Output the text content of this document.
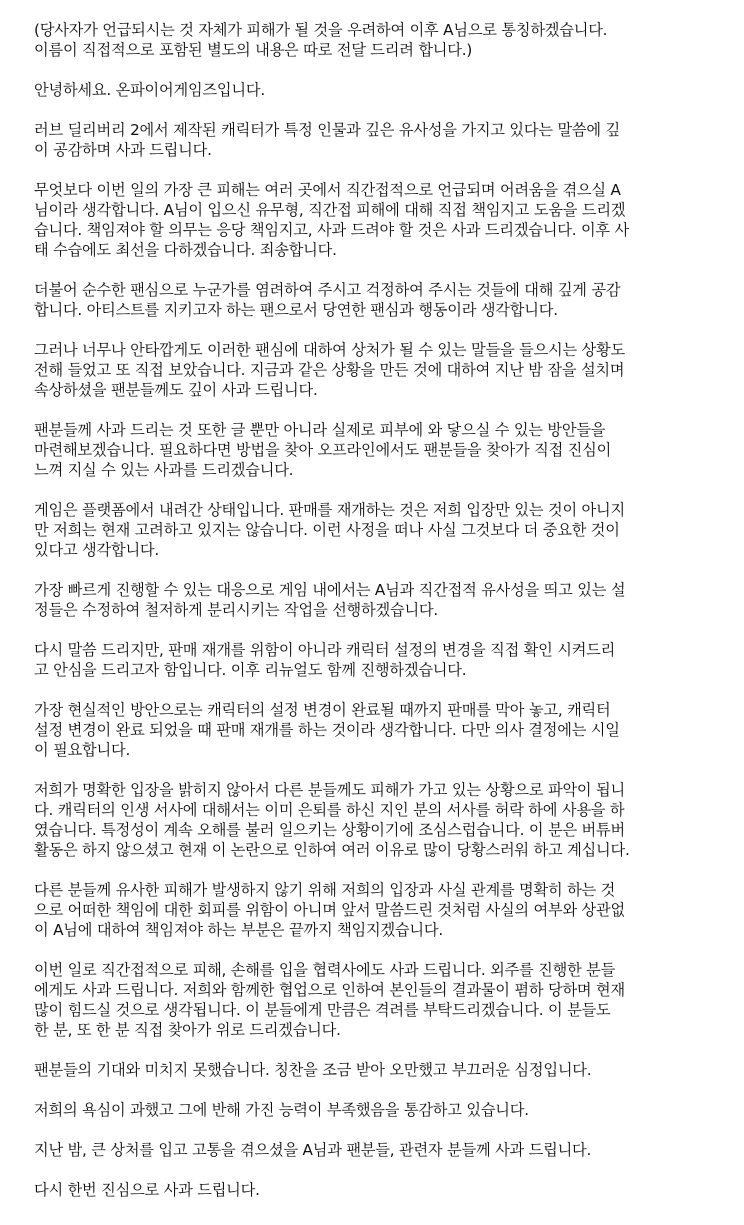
(당사자가 언급되시는 것 자체가 피해가 될 것을 우려하여 이후 A님으로 통칭하겠습니다.
이름이 직접적으로 포함된 별도의 내용은 따로 전달 드리려 합니다.)

안녕하세요. 온파이어게임즈입니다.

러브 딜리버리 2에서 제작된 캐릭터가 특정 인물과 깊은 유사성을 가지고 있다는 말씀에 깊
이 공감하며 사과 드립니다.

무엇보다 이번 일의 가장 큰 피해는 여러 곳에서 직간접적으로 언급되며 어려움을 겪으실 A
님이라 생각합니다. A님이 입으신 유무형, 직간접 피해에 대해 직접 책임지고 도움을 드리겠
습니다. 책임져야 할 의무는 응당 책임지고, 사과 드려야 할 것은 사과 드리겠습니다. 이후 사
태 수습에도 최선을 다하겠습니다. 죄송합니다.

더불어 순수한 팬심으로 누군가를 염려하여 주시고 걱정하여 주시는 것들에 대해 깊게 공감
합니다. 아티스트를 지키고자 하는 팬으로서 당연한 팬심과 행동이라 생각합니다.

그러나 너무나 안타깝게도 이러한 팬심에 대하여 상처가 될 수 있는 말들을 들으시는 상황도
전해 들었고 또 직접 보았습니다. 지금과 같은 상황을 만든 것에 대하여 지난 밤 잠을 설치며
속상하셨을 팬분들께도 깊이 사과 드립니다.

팬분들께 사과 드리는 것 또한 글 뿐만 아니라 실제로 피부에 와 닿으실 수 있는 방안들을
마련해보겠습니다. 필요하다면 방법을 찾아 오프라인에서도 팬분들을 찾아가 직접 진심이
느껴 지실 수 있는 사과를 드리겠습니다.

게임은 플랫폼에서 내려간 상태입니다. 판매를 재개하는 것은 저희 입장만 있는 것이 아니지
만 저희는 현재 고려하고 있지는 않습니다. 이런 사정을 떠나 사실 그것보다 더 중요한 것이
있다고 생각합니다.

가장 빠르게 진행할 수 있는 대응으로 게임 내에서는 A님과 직간접적 유사성을 띄고 있는 설
정들은 수정하여 철저하게 분리시키는 작업을 선행하겠습니다.

다시 말씀 드리지만, 판매 재개를 위함이 아니라 캐릭터 설정의 변경을 직접 확인 시켜드리
고 안심을 드리고자 함입니다. 이후 리뉴얼도 함께 진행하겠습니다.

가장 현실적인 방안으로는 캐릭터의 설정 변경이 완료될 때까지 판매를 막아 놓고, 캐릭터
설정 변경이 완료 되었을 때 판매 재개를 하는 것이라 생각합니다. 다만 의사 결정에는 시일
이 필요합니다.

저희가 명확한 입장을 밝히지 않아서 다른 분들께도 피해가 가고 있는 상황으로 파악이 됩니
다. 캐릭터의 인생 서사에 대해서는 이미 은퇴를 하신 지인 분의 서사를 허락 하에 사용을 하
였습니다. 특정성이 계속 오해를 불러 일으키는 상황이기에 조심스럽습니다. 이 분은 버튜버
활동은 하지 않으셨고 현재 이 논란으로 인하여 여러 이유로 많이 당황스러워 하고 계십니다.

다른 분들께 유사한 피해가 발생하지 않기 위해 저희의 입장과 사실 관계를 명확히 하는 것
으로 어떠한 책임에 대한 회피를 위함이 아니며 앞서 말씀드린 것처럼 사실의 여부와 상관없
이 A님에 대하여 책임져야 하는 부분은 끝까지 책임지겠습니다.

이번 일로 직간접적으로 피해, 손해를 입을 협력사에도 사과 드립니다. 외주를 진행한 분들
에게도 사과 드립니다. 저희와 함께한 협업으로 인하여 본인들의 결과물이 폄하 당하며 현재
많이 힘드실 것으로 생각됩니다. 이 분들에게 만큼은 격려를 부탁드리겠습니다. 이 분들도
한 분, 또 한 분 직접 찾아가 위로 드리겠습니다.

팬분들의 기대와 미치지 못했습니다. 칭찬을 조금 받아 오만했고 부끄러운 심정입니다.

저희의 욕심이 과했고 그에 반해 가진 능력이 부족했음을 통감하고 있습니다.

지난 밤, 큰 상처를 입고 고통을 겪으셨을 A님과 팬분들, 관련자 분들께 사과 드립니다.

다시 한번 진심으로 사과 드립니다.
